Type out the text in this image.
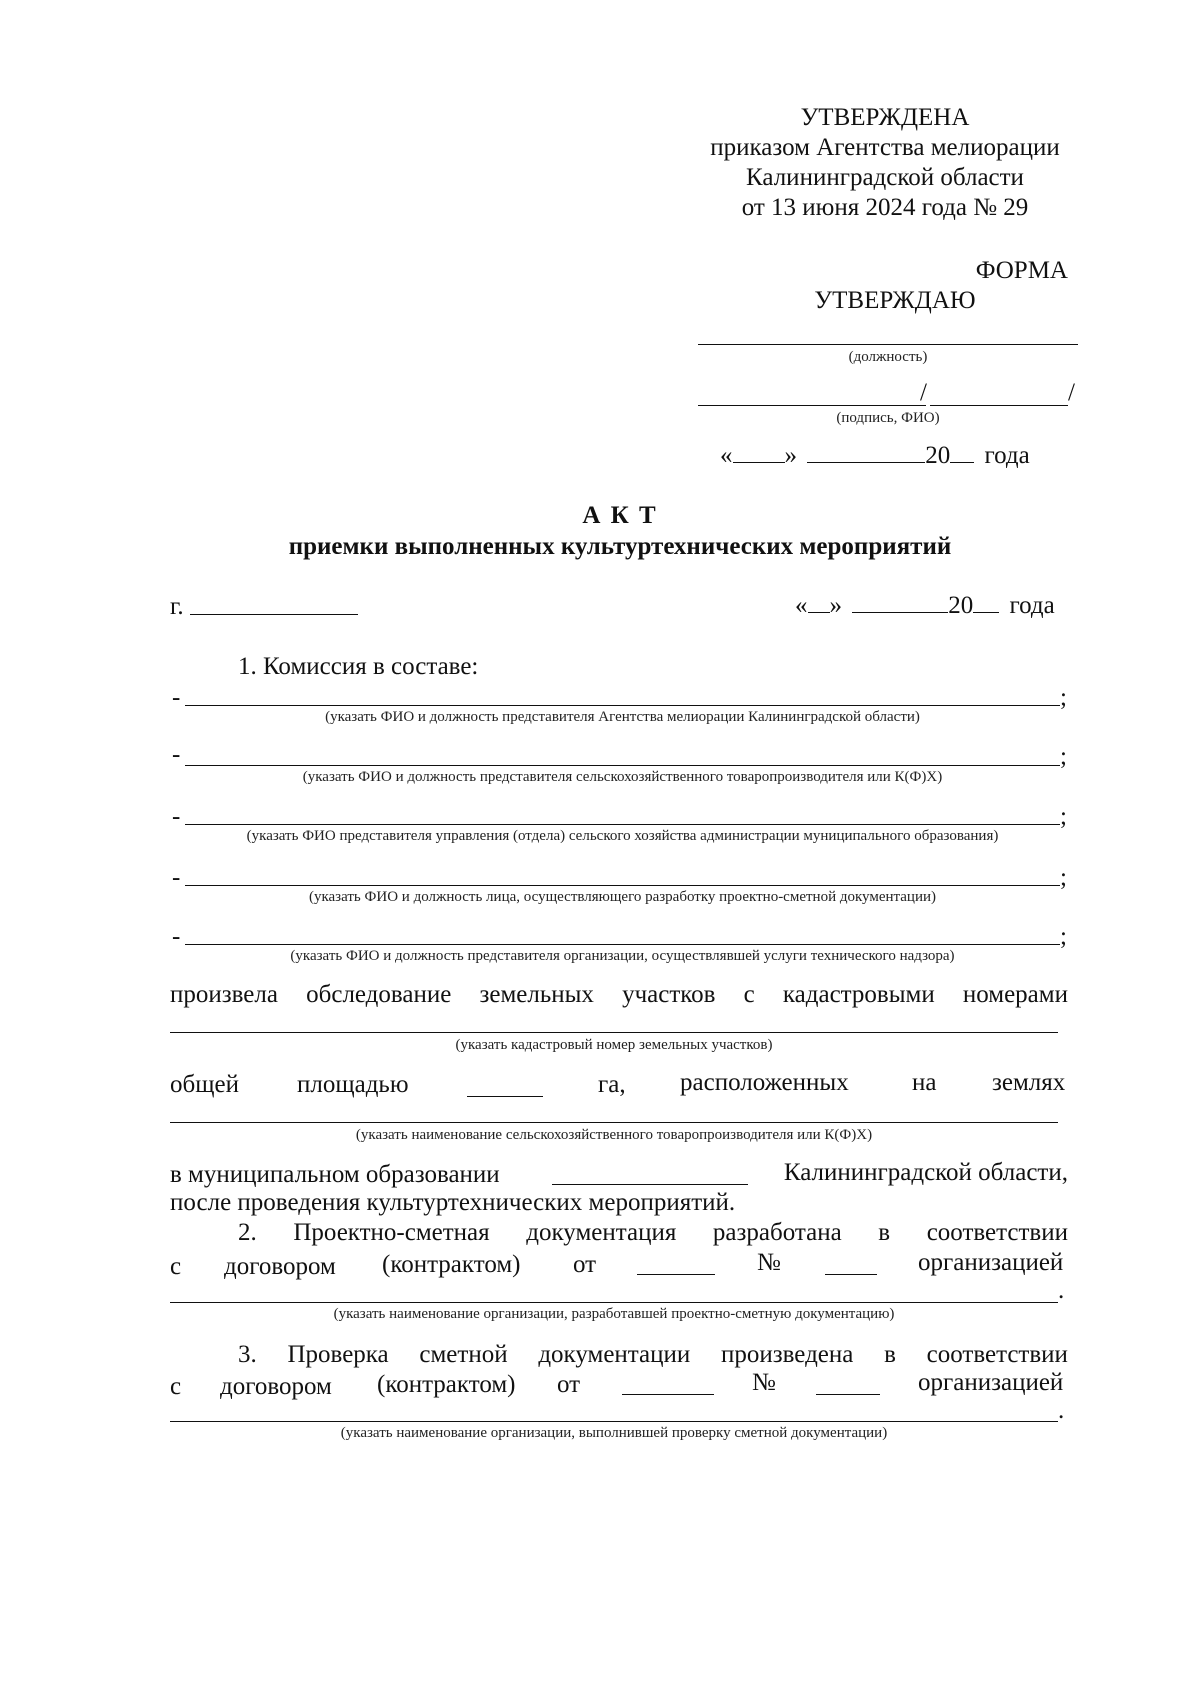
УТВЕРЖДЕНА
приказом Агентства мелиорации
Калининградской области
от 13 июня 2024 года № 29
ФОРМА
УТВЕРЖДАЮ
(должность)
/	/
(подпись, ФИО)
« »	20 года
А К Т
приемки выполненных культуртехнических мероприятий
г.	« »	20 года
1. Комиссия в составе:
-	;
(указать ФИО и должность представителя Агентства мелиорации Калининградской области)
-	;
(указать ФИО и должность представителя сельскохозяйственного товаропроизводителя или К(Ф)Х)
-	;
(указать ФИО представителя управления (отдела) сельского хозяйства администрации муниципального образования)
-	;
(указать ФИО и должность лица, осуществляющего разработку проектно-сметной документации)
-	;
(указать ФИО и должность представителя организации, осуществлявшей услуги технического надзора)
произвела обследование земельных участков с кадастровыми номерами
(указать кадастровый номер земельных участков)
общей площадью	га, расположенных	на землях
(указать наименование сельскохозяйственного товаропроизводителя или К(Ф)Х)
в муниципальном образовании	Калининградской области,
после проведения культуртехнических мероприятий.
2. Проектно-сметная документация разработана в соответствии
с договором (контрактом) от	№	организацией
.
(указать наименование организации, разработавшей проектно-сметную документацию)
3. Проверка сметной документации произведена в соответствии
с договором (контрактом) от	№	организацией
.
(указать наименование организации, выполнившей проверку сметной документации)
